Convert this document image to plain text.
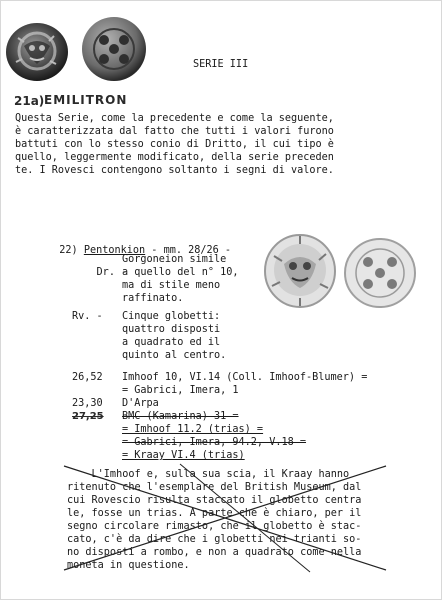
SERIE III
21a) EMILITRON
Questa Serie, come la precedente e come la seguente,
è caratterizzata dal fatto che tutti i valori furono
battuti con lo stesso conio di Dritto, il cui tipo è
quello, leggermente modificato, della serie preceden
te. I Rovesci contengono soltanto i segni di valore.

22) Pentonkion - mm. 28/26 -

Dr. -

Gorgoneion simile
a quello del n° 10,
ma di stile meno
raffinato.
Rv. - Cinque globetti:
quattro disposti
a quadrato ed il
quinto al centro.
26,52 Imhoof 10, VI.14 (Coll. Imhoof-Blumer) =
= Gabrici, Imera, 1
23,30 D'Arpa
27,25 BMC (Kamarina) 31 =
= Imhoof 11.2 (trias) =
= Gabrici, Imera, 94.2, V.18 =
= Kraay VI.4 (trias)
L'Imhoof e, sulla sua scia, il Kraay hanno
ritenuto che l'esemplare del British Museum, dal
cui Rovescio risulta staccato il globetto centra
le, fosse un trias. A parte che è chiaro, per il
segno circolare rimasto, che il globetto è stac-
cato, c'è da dire che i globetti nei trianti so-
no disposti a rombo, e non a quadrato come nella
moneta in questione.
